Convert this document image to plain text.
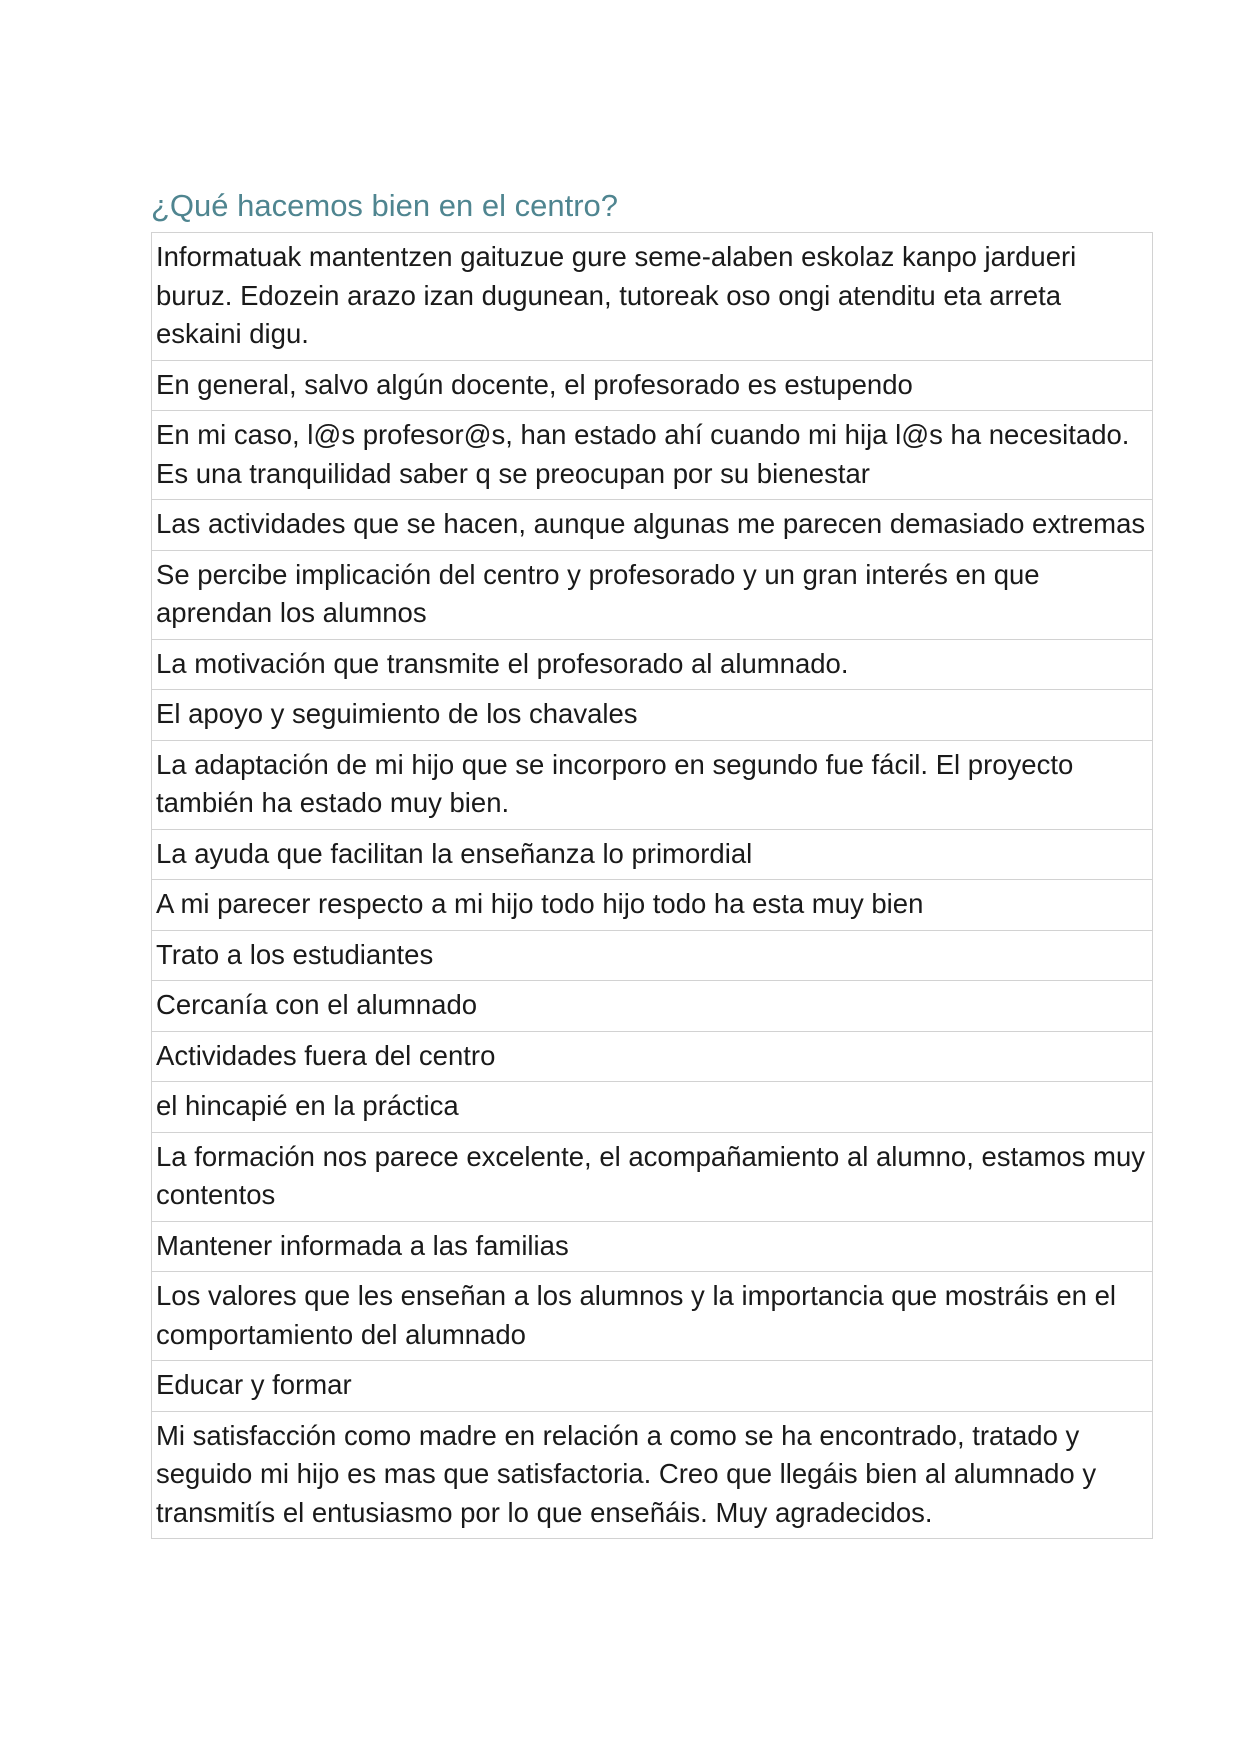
¿Qué hacemos bien en el centro?
Informatuak mantentzen gaituzue gure seme-alaben eskolaz kanpo jardueri buruz. Edozein arazo izan dugunean, tutoreak oso ongi atenditu eta arreta eskaini digu.
En general, salvo algún docente, el profesorado es estupendo
En mi caso, l@s profesor@s, han estado ahí cuando mi hija l@s ha necesitado. Es una tranquilidad saber q se preocupan por su bienestar
Las actividades que se hacen, aunque algunas me parecen demasiado extremas
Se percibe implicación del centro y profesorado y un gran interés en que aprendan los alumnos
La motivación que transmite el profesorado al alumnado.
El apoyo y seguimiento de los chavales
La adaptación de mi hijo que se incorporo en segundo fue fácil. El proyecto también ha estado muy bien.
La ayuda que facilitan la enseñanza lo primordial
A mi parecer respecto a mi hijo todo hijo todo ha esta muy bien
Trato a los estudiantes
Cercanía con el alumnado
Actividades fuera del centro
el hincapié en la práctica
La formación nos parece excelente, el acompañamiento al alumno, estamos muy contentos
Mantener informada a las familias
Los valores que les enseñan a los alumnos y la importancia que mostráis en el comportamiento del alumnado
Educar y formar
Mi satisfacción como madre en relación a como se ha encontrado, tratado y seguido mi hijo es mas que satisfactoria. Creo que llegáis bien al alumnado y transmitís el entusiasmo por lo que enseñáis. Muy agradecidos.
